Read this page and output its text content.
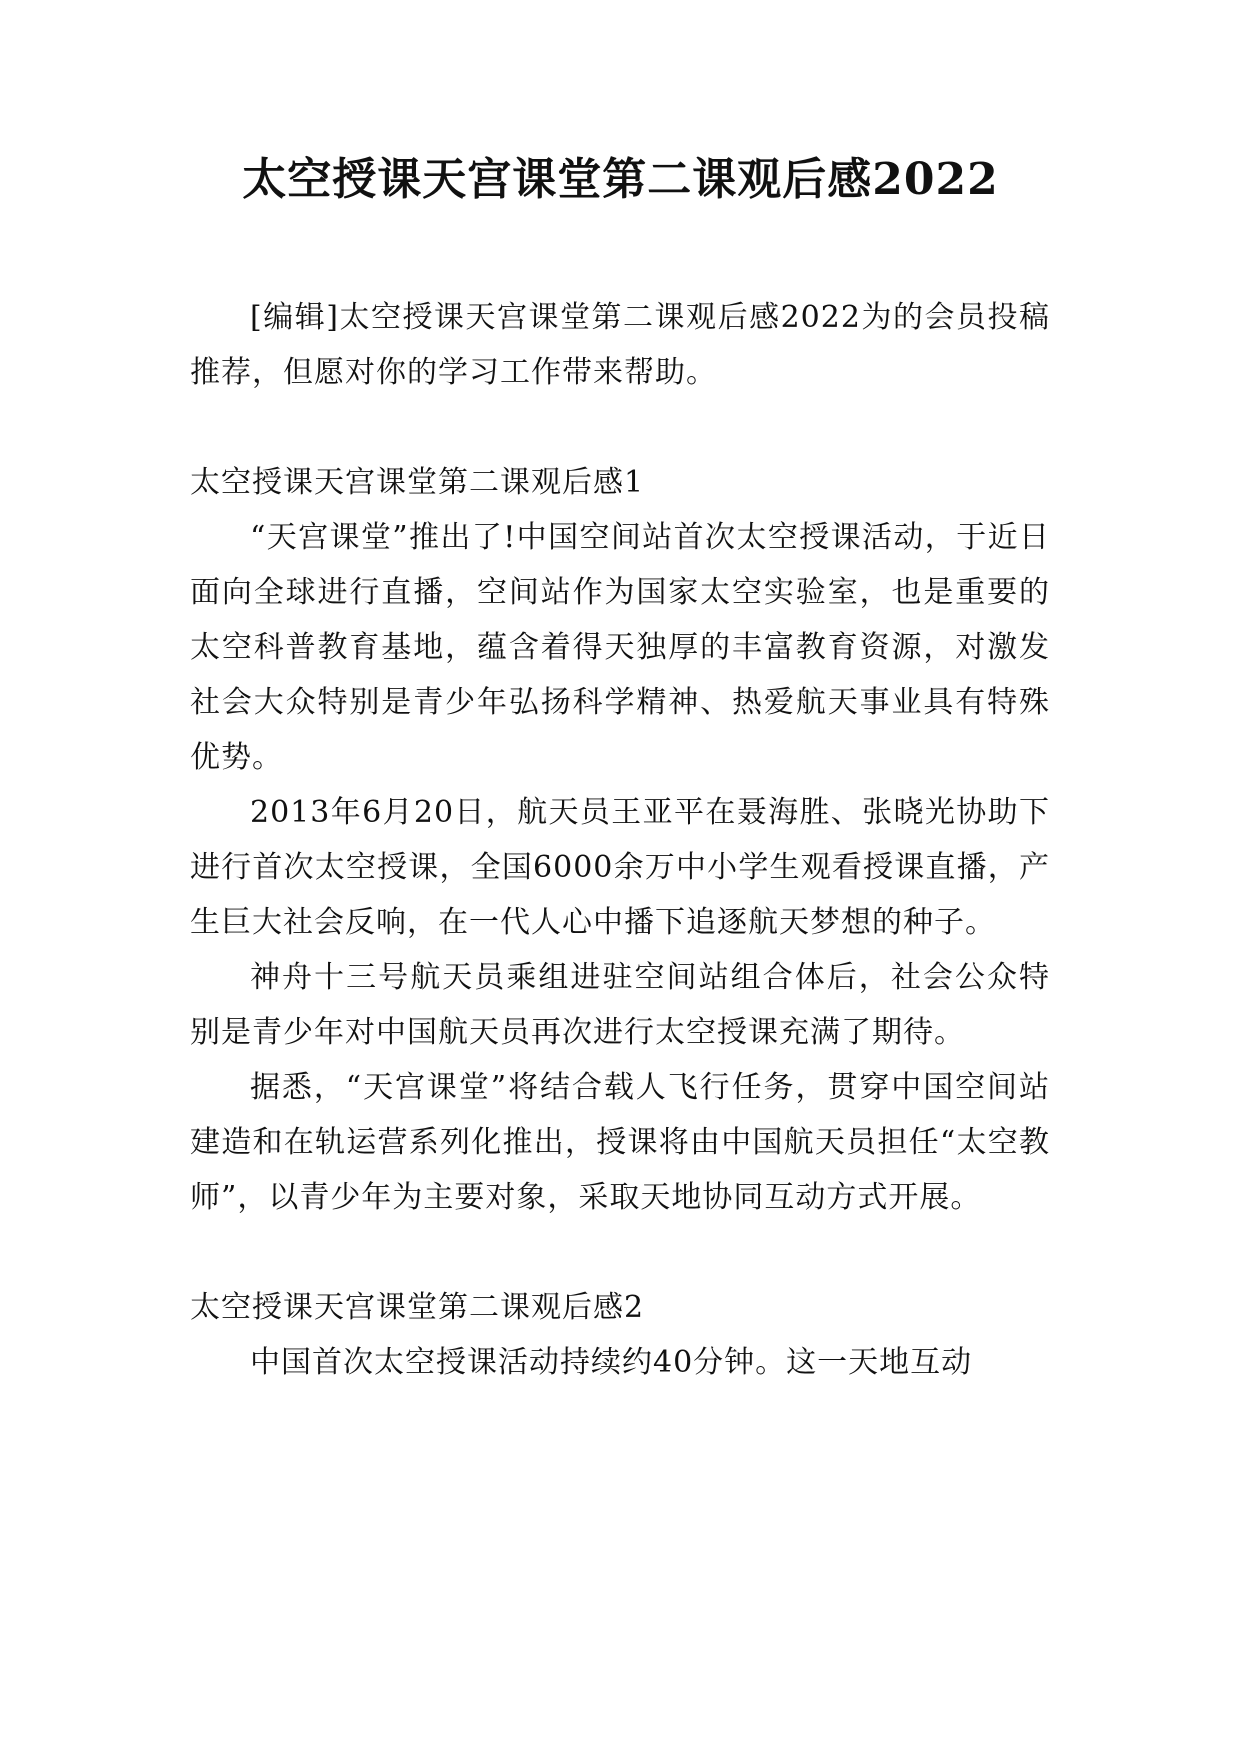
太空授课天宫课堂第二课观后感2022

[编辑]太空授课天宫课堂第二课观后感2022为的会员投稿推荐，但愿对你的学习工作带来帮助。

太空授课天宫课堂第二课观后感1

“天宫课堂”推出了!中国空间站首次太空授课活动，于近日面向全球进行直播，空间站作为国家太空实验室，也是重要的太空科普教育基地，蕴含着得天独厚的丰富教育资源，对激发社会大众特别是青少年弘扬科学精神、热爱航天事业具有特殊优势。

2013年6月20日，航天员王亚平在聂海胜、张晓光协助下进行首次太空授课，全国6000余万中小学生观看授课直播，产生巨大社会反响，在一代人心中播下追逐航天梦想的种子。

神舟十三号航天员乘组进驻空间站组合体后，社会公众特别是青少年对中国航天员再次进行太空授课充满了期待。

据悉，“天宫课堂”将结合载人飞行任务，贯穿中国空间站建造和在轨运营系列化推出，授课将由中国航天员担任“太空教师”，以青少年为主要对象，采取天地协同互动方式开展。

太空授课天宫课堂第二课观后感2

中国首次太空授课活动持续约40分钟。这一天地互动
